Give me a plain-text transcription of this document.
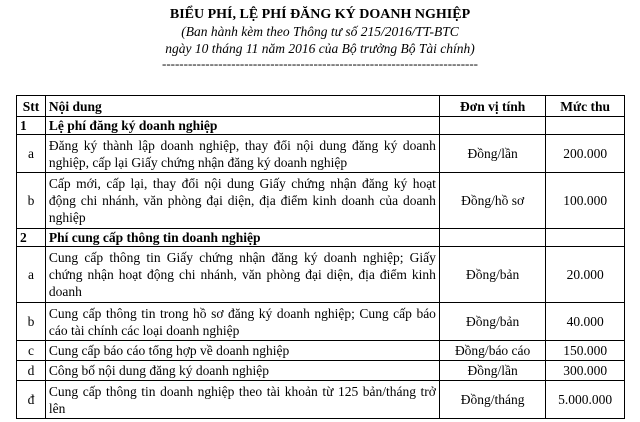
BIỂU PHÍ, LỆ PHÍ ĐĂNG KÝ DOANH NGHIỆP
(Ban hành kèm theo Thông tư số 215/2016/TT-BTC
ngày 10 tháng 11 năm 2016 của Bộ trưởng Bộ Tài chính)
-------------------------------------------------------------------------
Stt	Nội dung	Đơn vị tính	Mức thu
1	Lệ phí đăng ký doanh nghiệp		
a	Đăng ký thành lập doanh nghiệp, thay đổi nội dung đăng ký doanh nghiệp, cấp lại Giấy chứng nhận đăng ký doanh nghiệp	Đồng/lần	200.000
b	Cấp mới, cấp lại, thay đổi nội dung Giấy chứng nhận đăng ký hoạt động chi nhánh, văn phòng đại diện, địa điểm kinh doanh của doanh nghiệp	Đồng/hồ sơ	100.000
2	Phí cung cấp thông tin doanh nghiệp		
a	Cung cấp thông tin Giấy chứng nhận đăng ký doanh nghiệp; Giấy chứng nhận hoạt động chi nhánh, văn phòng đại diện, địa điểm kinh doanh	Đồng/bản	20.000
b	Cung cấp thông tin trong hồ sơ đăng ký doanh nghiệp; Cung cấp báo cáo tài chính các loại doanh nghiệp	Đồng/bản	40.000
c	Cung cấp báo cáo tổng hợp về doanh nghiệp	Đồng/báo cáo	150.000
d	Công bố nội dung đăng ký doanh nghiệp	Đồng/lần	300.000
đ	Cung cấp thông tin doanh nghiệp theo tài khoản từ 125 bản/tháng trở lên	Đồng/tháng	5.000.000
